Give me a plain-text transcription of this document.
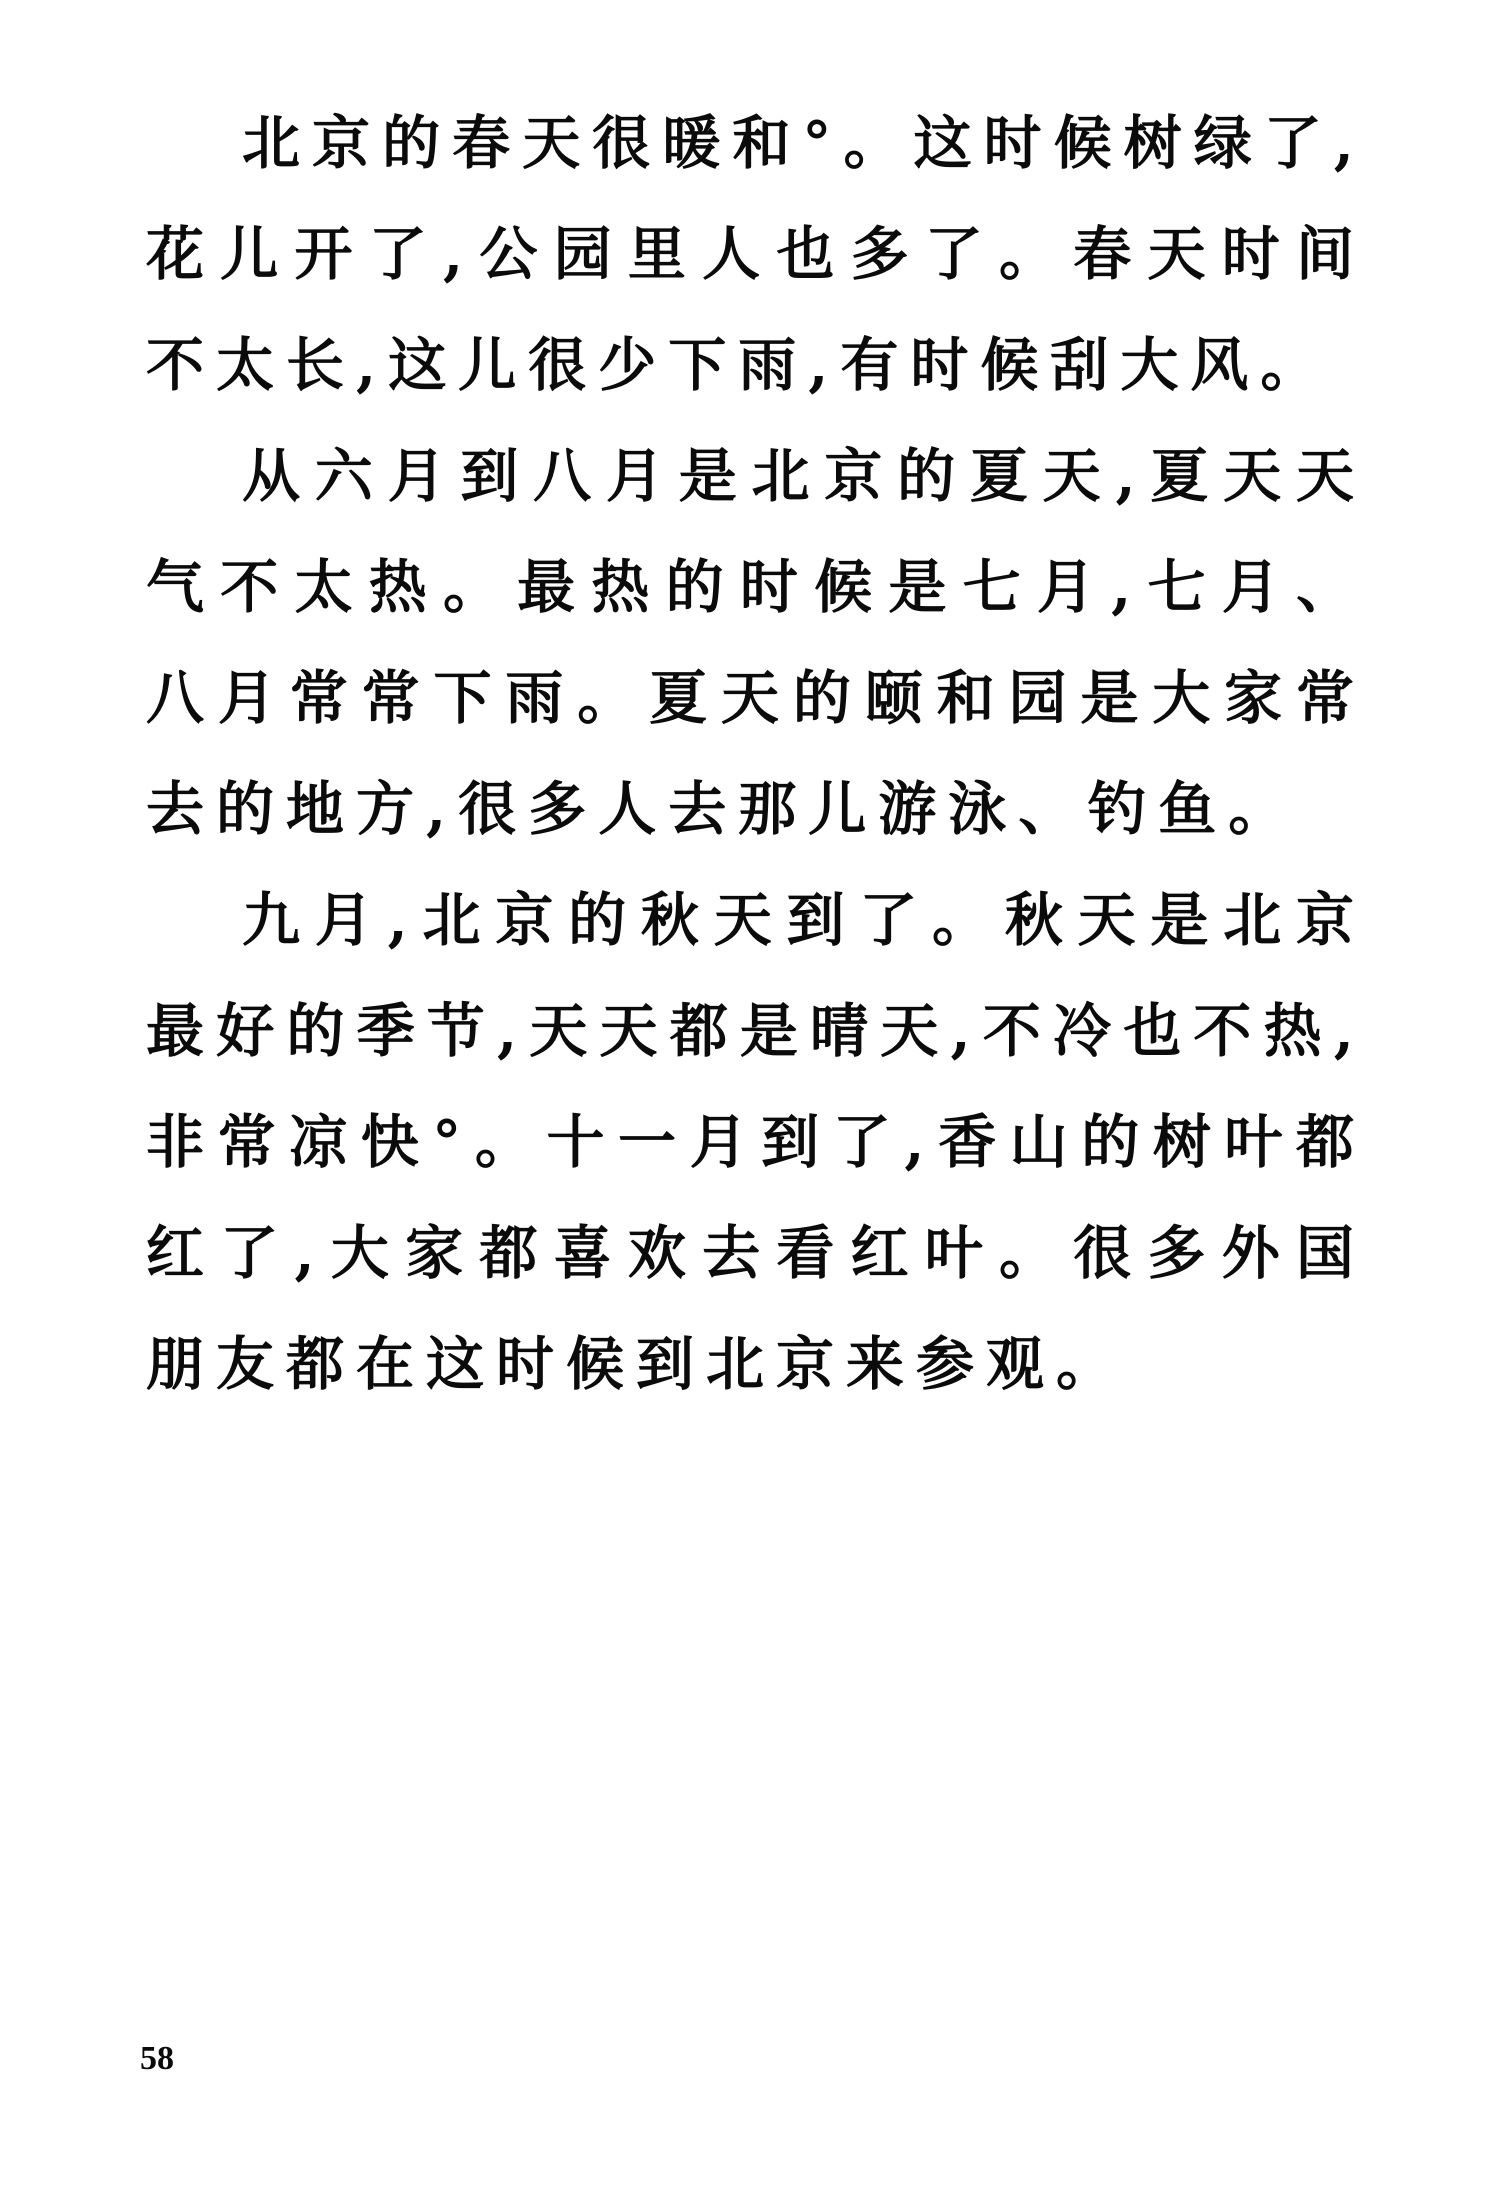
北京的春天很暖和°。这时候树绿了,花儿开了,公园里人也多了。春天时间不太长,这儿很少下雨,有时候刮大风。

从六月到八月是北京的夏天,夏天天气不太热。最热的时候是七月,七月、八月常常下雨。夏天的颐和园是大家常去的地方,很多人去那儿游泳、钓鱼。

九月,北京的秋天到了。秋天是北京最好的季节,天天都是晴天,不冷也不热,非常凉快°。十一月到了,香山的树叶都红了,大家都喜欢去看红叶。很多外国朋友都在这时候到北京来参观。

58
